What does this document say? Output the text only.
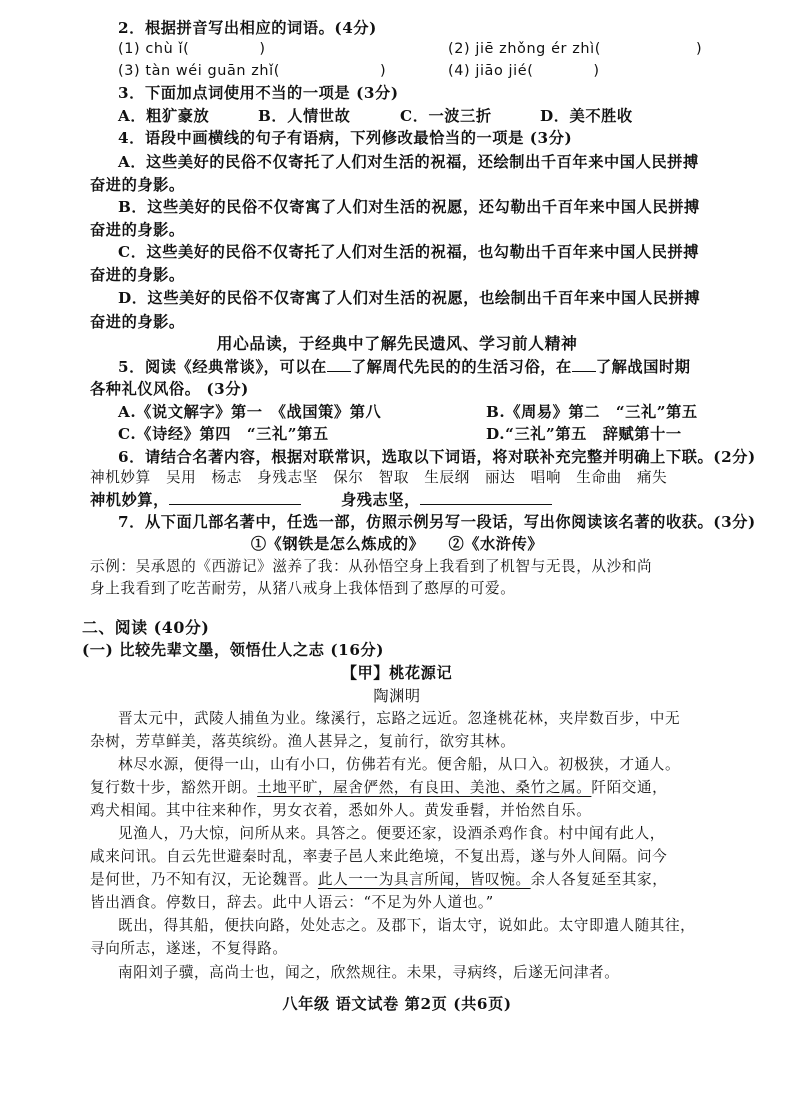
2．根据拼音写出相应的词语。(4分)
(1) chù ǐ(	)	(2) jiē zhǒng ér zhì(	)
(3) tàn wéi guān zhǐ(	)	(4) jiāo jié(	)
3．下面加点词使用不当的一项是 (3分)
A．粗犷豪放	B．人情世故	C．一波三折	D．美不胜收
4．语段中画横线的句子有语病，下列修改最恰当的一项是 (3分)
A．这些美好的民俗不仅寄托了人们对生活的祝福，还绘制出千百年来中国人民拼搏
奋进的身影。
B．这些美好的民俗不仅寄寓了人们对生活的祝愿，还勾勒出千百年来中国人民拼搏
奋进的身影。
C．这些美好的民俗不仅寄托了人们对生活的祝福，也勾勒出千百年来中国人民拼搏
奋进的身影。
D．这些美好的民俗不仅寄寓了人们对生活的祝愿，也绘制出千百年来中国人民拼搏
奋进的身影。
用心品读，于经典中了解先民遗风、学习前人精神
5．阅读《经典常谈》，可以在 了解周代先民的的生活习俗，在 了解战国时期
各种礼仪风俗。 (3分)
A.《说文解字》第一　《战国策》第八	B.《周易》第二　“三礼”第五
C.《诗经》第四　“三礼”第五	D.“三礼”第五　辞赋第十一
6．请结合名著内容，根据对联常识，选取以下词语，将对联补充完整并明确上下联。(2分)
神机妙算　吴用　杨志　身残志坚　保尔　智取　生辰纲　丽达　唱响　生命曲　痛失
神机妙算，	身残志坚，
7．从下面几部名著中，任选一部，仿照示例另写一段话，写出你阅读该名著的收获。(3分)
①《钢铁是怎么炼成的》　　②《水浒传》
示例：吴承恩的《西游记》滋养了我：从孙悟空身上我看到了机智与无畏，从沙和尚
身上我看到了吃苦耐劳，从猪八戒身上我体悟到了憨厚的可爱。
二、阅读 (40分)
(一) 比较先辈文墨，领悟仕人之志 (16分)
【甲】桃花源记
陶渊明
晋太元中，武陵人捕鱼为业。缘溪行，忘路之远近。忽逢桃花林，夹岸数百步，中无
杂树，芳草鲜美，落英缤纷。渔人甚异之，复前行，欲穷其林。
林尽水源，便得一山，山有小口，仿佛若有光。便舍船，从口入。初极狭，才通人。
复行数十步，豁然开朗。土地平旷，屋舍俨然，有良田、美池、桑竹之属。阡陌交通，
鸡犬相闻。其中往来种作，男女衣着，悉如外人。黄发垂髫，并怡然自乐。
见渔人，乃大惊，问所从来。具答之。便要还家，设酒杀鸡作食。村中闻有此人，
咸来问讯。自云先世避秦时乱，率妻子邑人来此绝境，不复出焉，遂与外人间隔。问今
是何世，乃不知有汉，无论魏晋。此人一一为具言所闻，皆叹惋。余人各复延至其家，
皆出酒食。停数日，辞去。此中人语云：“不足为外人道也。”
既出，得其船，便扶向路，处处志之。及郡下，诣太守，说如此。太守即遣人随其往，
寻向所志，遂迷，不复得路。
南阳刘子骥，高尚士也，闻之，欣然规往。未果，寻病终，后遂无问津者。
八年级 语文试卷 第2页 (共6页)
